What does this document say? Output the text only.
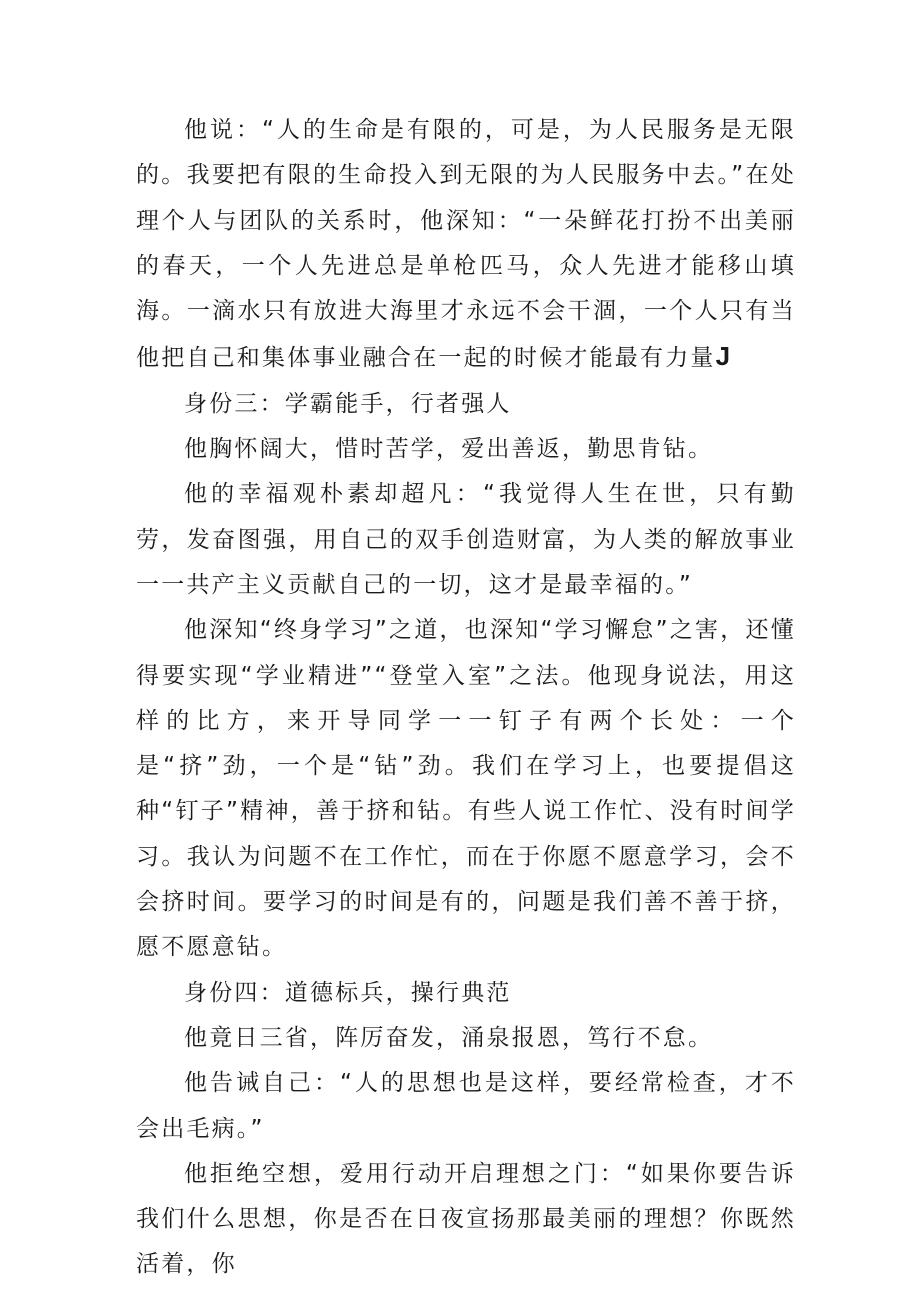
他说：“人的生命是有限的，可是，为人民服务是无限的。我要把有限的生命投入到无限的为人民服务中去。”在处理个人与团队的关系时，他深知：“一朵鲜花打扮不出美丽的春天，一个人先进总是单枪匹马，众人先进才能移山填海。一滴水只有放进大海里才永远不会干涸，一个人只有当他把自己和集体事业融合在一起的时候才能最有力量J

身份三：学霸能手，行者强人

他胸怀阔大，惜时苦学，爱出善返，勤思肯钻。

他的幸福观朴素却超凡：“我觉得人生在世，只有勤劳，发奋图强，用自己的双手创造财富，为人类的解放事业一一共产主义贡献自己的一切，这才是最幸福的。”

他深知“终身学习”之道，也深知“学习懈怠”之害，还懂得要实现“学业精进”“登堂入室”之法。他现身说法，用这样的比方，来开导同学一一钉子有两个长处：一个是“挤”劲，一个是“钻”劲。我们在学习上，也要提倡这种“钉子”精神，善于挤和钻。有些人说工作忙、没有时间学习。我认为问题不在工作忙，而在于你愿不愿意学习，会不会挤时间。要学习的时间是有的，问题是我们善不善于挤，愿不愿意钻。

身份四：道德标兵，操行典范

他竟日三省，阵厉奋发，涌泉报恩，笃行不怠。

他告诫自己：“人的思想也是这样，要经常检查，才不会出毛病。”

他拒绝空想，爱用行动开启理想之门：“如果你要告诉我们什么思想，你是否在日夜宣扬那最美丽的理想？你既然活着，你
